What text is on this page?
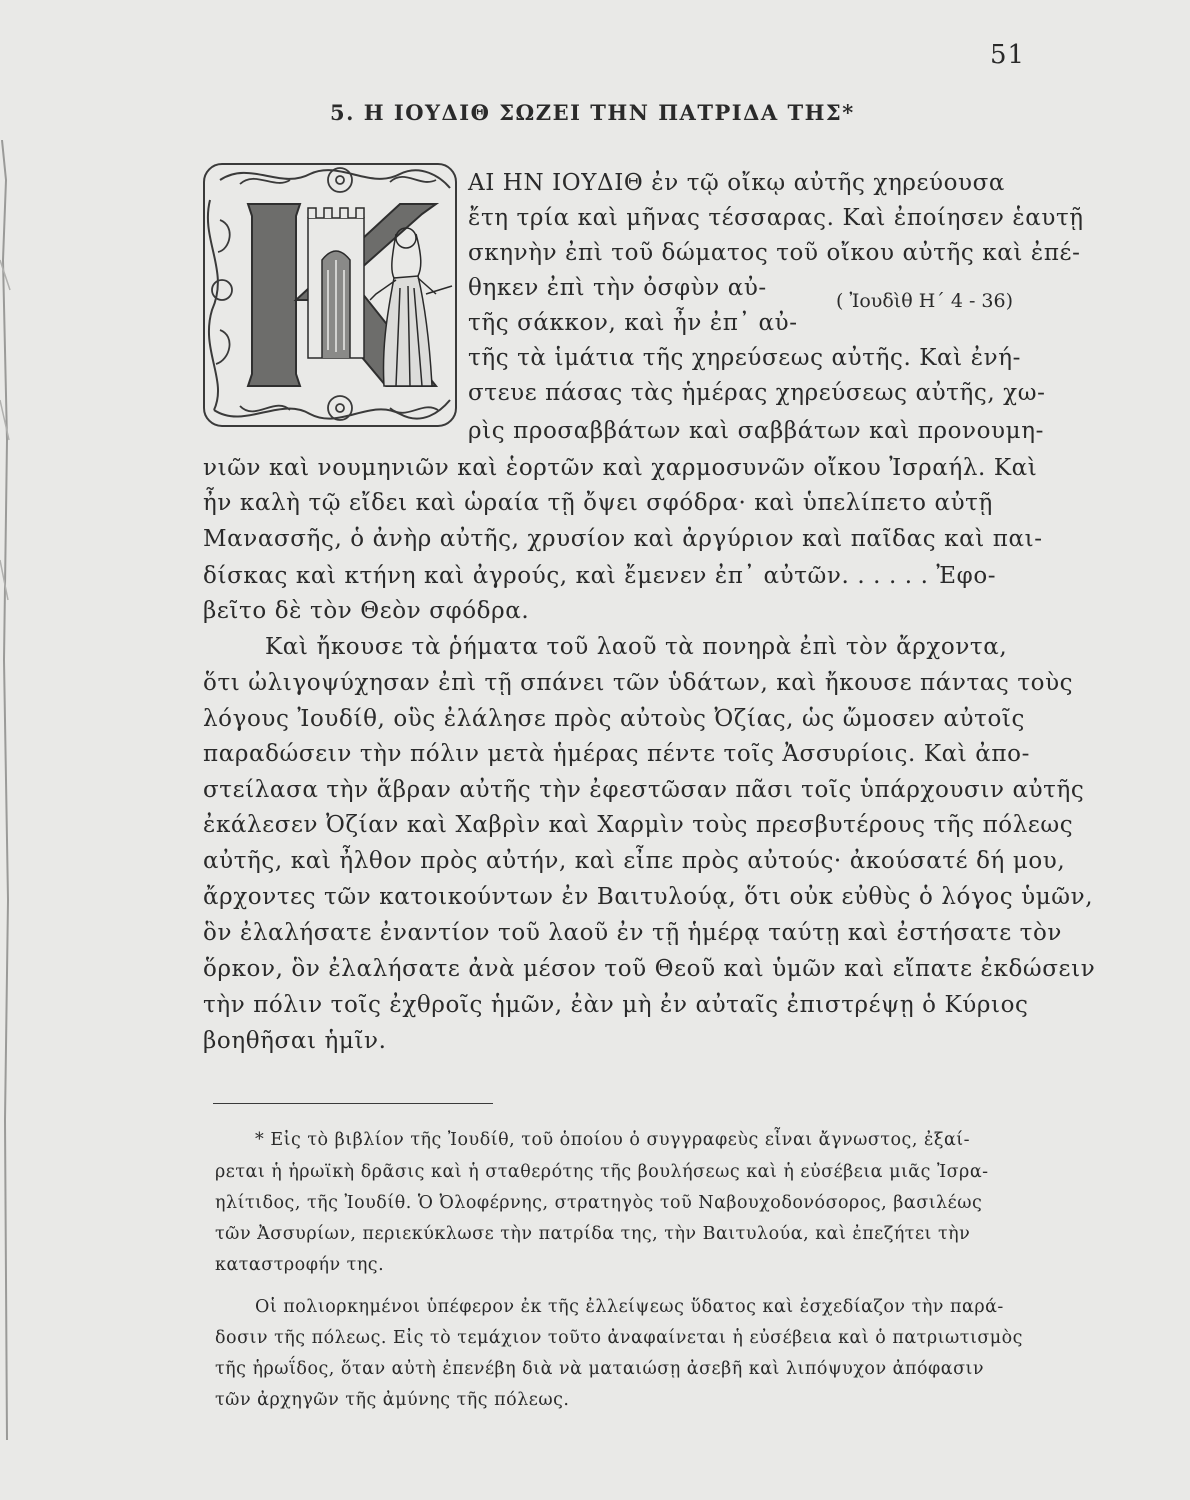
51
5. Η ΙΟΥΔΙΘ ΣΩΖΕΙ ΤΗΝ ΠΑΤΡΙΔΑ ΤΗΣ*
( Ἰουδὶθ Η΄ 4 - 36)
ΑΙ ΗΝ ΙΟΥΔΙΘ ἐν τῷ οἴκῳ αὐτῆς χηρεύουσα
ἔτη τρία καὶ μῆνας τέσσαρας. Καὶ ἐποίησεν ἑαυτῇ
σκηνὴν ἐπὶ τοῦ δώματος τοῦ οἴκου αὐτῆς καὶ ἐπέ-
θηκεν ἐπὶ τὴν ὀσφὺν αὐ-
τῆς σάκκον, καὶ ἦν ἐπ᾽ αὐ-
τῆς τὰ ἱμάτια τῆς χηρεύσεως αὐτῆς. Καὶ ἐνή-
στευε πάσας τὰς ἡμέρας χηρεύσεως αὐτῆς, χω-
ρὶς προσαββάτων καὶ σαββάτων καὶ προνουμη-
νιῶν καὶ νουμηνιῶν καὶ ἑορτῶν καὶ χαρμοσυνῶν οἴκου Ἰσραήλ. Καὶ
ἦν καλὴ τῷ εἴδει καὶ ὡραία τῇ ὄψει σφόδρα· καὶ ὑπελίπετο αὐτῇ
Μανασσῆς, ὁ ἀνὴρ αὐτῆς, χρυσίον καὶ ἀργύριον καὶ παῖδας καὶ παι-
δίσκας καὶ κτήνη καὶ ἀγρούς, καὶ ἔμενεν ἐπ᾽ αὐτῶν. . . . . . Ἐφο-
βεῖτο δὲ τὸν Θεὸν σφόδρα.
Καὶ ἤκουσε τὰ ῥήματα τοῦ λαοῦ τὰ πονηρὰ ἐπὶ τὸν ἄρχοντα,
ὅτι ὠλιγοψύχησαν ἐπὶ τῇ σπάνει τῶν ὑδάτων, καὶ ἤκουσε πάντας τοὺς
λόγους Ἰουδίθ, οὓς ἐλάλησε πρὸς αὐτοὺς Ὀζίας, ὡς ὤμοσεν αὐτοῖς
παραδώσειν τὴν πόλιν μετὰ ἡμέρας πέντε τοῖς Ἀσσυρίοις. Καὶ ἀπο-
στείλασα τὴν ἅβραν αὐτῆς τὴν ἐφεστῶσαν πᾶσι τοῖς ὑπάρχουσιν αὐτῆς
ἐκάλεσεν Ὀζίαν καὶ Χαβρὶν καὶ Χαρμὶν τοὺς πρεσβυτέρους τῆς πόλεως
αὐτῆς, καὶ ἦλθον πρὸς αὐτήν, καὶ εἶπε πρὸς αὐτούς· ἀκούσατέ δή μου,
ἄρχοντες τῶν κατοικούντων ἐν Βαιτυλούᾳ, ὅτι οὐκ εὐθὺς ὁ λόγος ὑμῶν,
ὃν ἐλαλήσατε ἐναντίον τοῦ λαοῦ ἐν τῇ ἡμέρᾳ ταύτῃ καὶ ἐστήσατε τὸν
ὅρκον, ὃν ἐλαλήσατε ἀνὰ μέσον τοῦ Θεοῦ καὶ ὑμῶν καὶ εἴπατε ἐκδώσειν
τὴν πόλιν τοῖς ἐχθροῖς ἡμῶν, ἐὰν μὴ ἐν αὐταῖς ἐπιστρέψῃ ὁ Κύριος
βοηθῆσαι ἡμῖν.
* Εἰς τὸ βιβλίον τῆς Ἰουδίθ, τοῦ ὁποίου ὁ συγγραφεὺς εἶναι ἄγνωστος, ἐξαί-
ρεται ἡ ἡρωϊκὴ δρᾶσις καὶ ἡ σταθερότης τῆς βουλήσεως καὶ ἡ εὐσέβεια μιᾶς Ἰσρα-
ηλίτιδος, τῆς Ἰουδίθ. Ὁ Ὀλοφέρνης, στρατηγὸς τοῦ Ναβουχοδονόσορος, βασιλέως
τῶν Ἀσσυρίων, περιεκύκλωσε τὴν πατρίδα της, τὴν Βαιτυλούα, καὶ ἐπεζήτει τὴν
καταστροφήν της.
Οἱ πολιορκημένοι ὑπέφερον ἐκ τῆς ἐλλείψεως ὕδατος καὶ ἐσχεδίαζον τὴν παρά-
δοσιν τῆς πόλεως. Εἰς τὸ τεμάχιον τοῦτο ἀναφαίνεται ἡ εὐσέβεια καὶ ὁ πατριωτισμὸς
τῆς ἡρωΐδος, ὅταν αὐτὴ ἐπενέβη διὰ νὰ ματαιώσῃ ἀσεβῆ καὶ λιπόψυχον ἀπόφασιν
τῶν ἀρχηγῶν τῆς ἀμύνης τῆς πόλεως.
